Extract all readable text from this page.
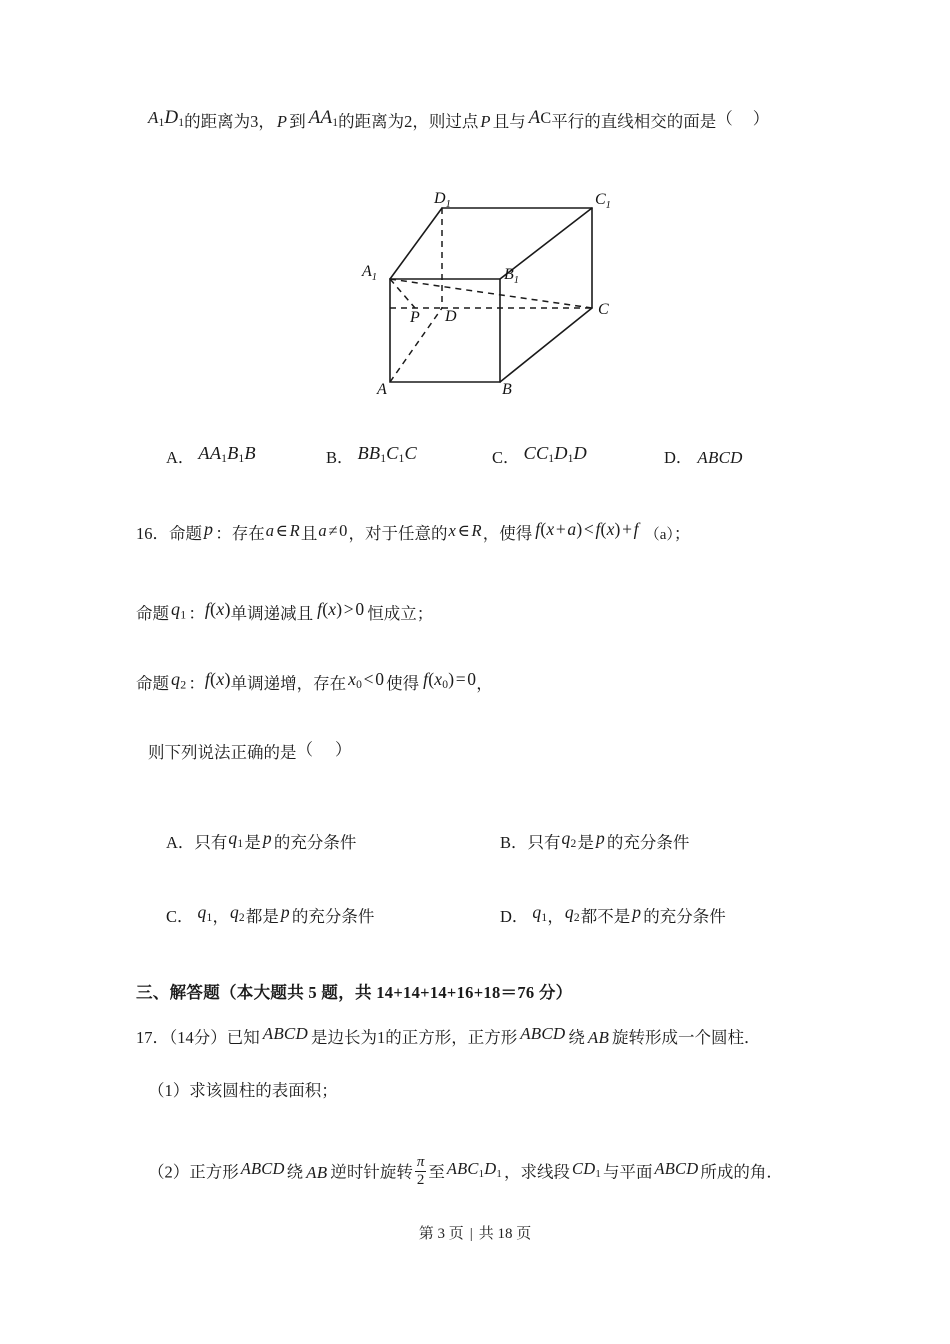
$A_1D_1$的距离为3， P 到 $AA_1$的距离为2，则过点 P 且与 AC平行的直线相交的面是（ ）
A	B
C
D
$A_1$	$B_1$
$C_1$
$D_1$
P
A． $AA_1B_1B$	B． $BB_1C_1C$	C． $CC_1D_1D$	D． ABCD
16．命题 p ：存在a∈R且a≠0，对于任意的x∈R，使得 f(x+a)<f(x)+f （a）；
命题 $q_1$ ：f(x)单调递减且 f(x)>0 恒成立；
命题 $q_2$ ：f(x)单调递增，存在 $x_0<0$ 使得 $f(x_0)=0$，
则下列说法正确的是（ ）
A．只有$q_1$是 p 的充分条件	B．只有$q_2$是 p 的充分条件
C． $q_1$，$q_2$都是 p 的充分条件	D． $q_1$，$q_2$都不是 p 的充分条件
三、解答题（本大题共 5 题，共 14+14+14+16+18＝76 分）
17．（14分）已知 ABCD 是边长为1的正方形，正方形 ABCD 绕 AB 旋转形成一个圆柱．
（1）求该圆柱的表面积；
（2）正方形 ABCD 绕 AB 逆时针旋转 $\frac{\pi}{2}$ 至 $ABC_1D_1$ ，求线段 $CD_1$ 与平面 ABCD 所成的角．
第 3 页 | 共 18 页
